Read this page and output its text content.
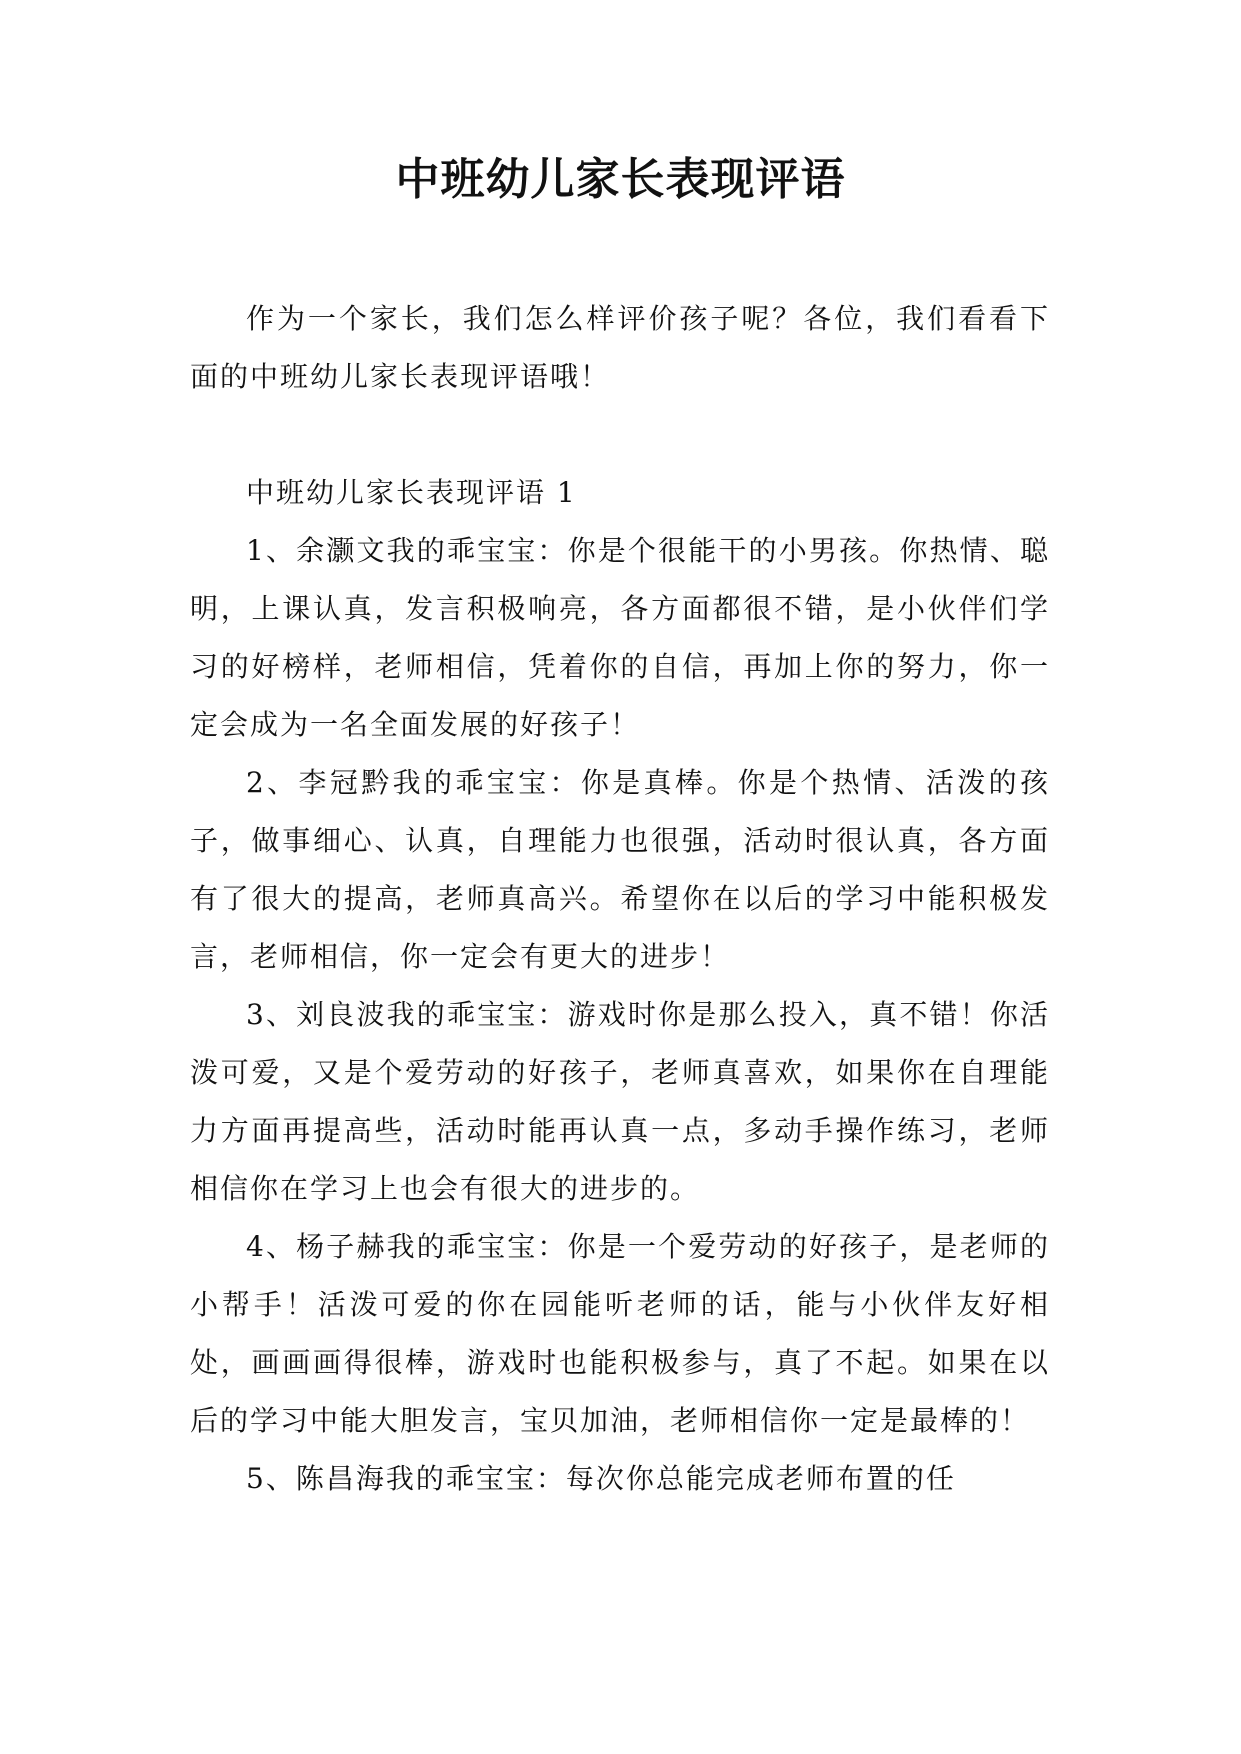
中班幼儿家长表现评语

作为一个家长，我们怎么样评价孩子呢？各位，我们看看下面的中班幼儿家长表现评语哦！

中班幼儿家长表现评语 1

1、余灏文我的乖宝宝：你是个很能干的小男孩。你热情、聪明，上课认真，发言积极响亮，各方面都很不错，是小伙伴们学习的好榜样，老师相信，凭着你的自信，再加上你的努力，你一定会成为一名全面发展的好孩子！

2、李冠黔我的乖宝宝：你是真棒。你是个热情、活泼的孩子，做事细心、认真，自理能力也很强，活动时很认真，各方面有了很大的提高，老师真高兴。希望你在以后的学习中能积极发言，老师相信，你一定会有更大的进步！

3、刘良波我的乖宝宝：游戏时你是那么投入，真不错！你活泼可爱，又是个爱劳动的好孩子，老师真喜欢，如果你在自理能力方面再提高些，活动时能再认真一点，多动手操作练习，老师相信你在学习上也会有很大的进步的。

4、杨子赫我的乖宝宝：你是一个爱劳动的好孩子，是老师的小帮手！活泼可爱的你在园能听老师的话，能与小伙伴友好相处，画画画得很棒，游戏时也能积极参与，真了不起。如果在以后的学习中能大胆发言，宝贝加油，老师相信你一定是最棒的！

5、陈昌海我的乖宝宝：每次你总能完成老师布置的任
